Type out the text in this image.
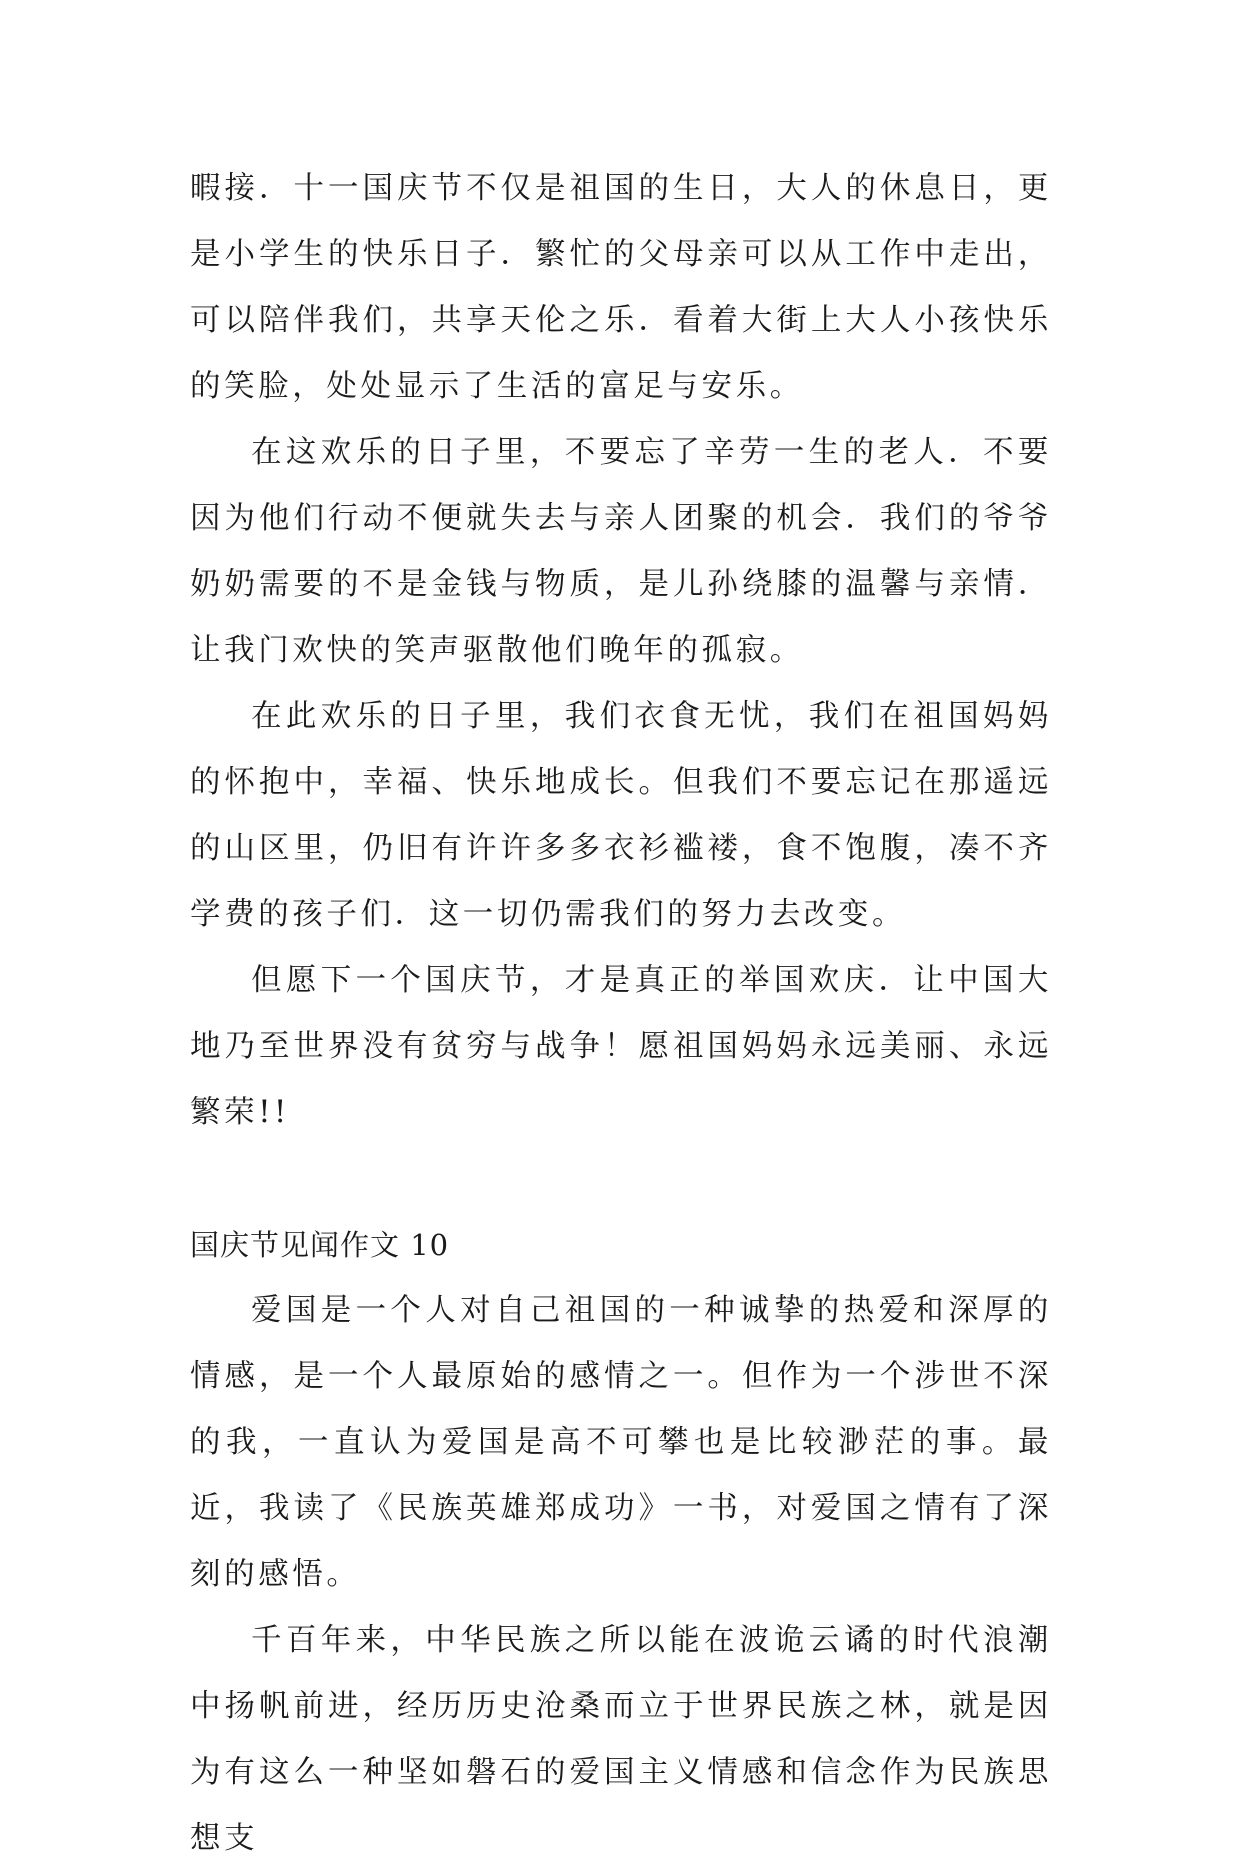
暇接．十一国庆节不仅是祖国的生日，大人的休息日，更是小学生的快乐日子．繁忙的父母亲可以从工作中走出，可以陪伴我们，共享天伦之乐．看着大街上大人小孩快乐的笑脸，处处显示了生活的富足与安乐。

在这欢乐的日子里，不要忘了辛劳一生的老人．不要因为他们行动不便就失去与亲人团聚的机会．我们的爷爷奶奶需要的不是金钱与物质，是儿孙绕膝的温馨与亲情．让我门欢快的笑声驱散他们晚年的孤寂。

在此欢乐的日子里，我们衣食无忧，我们在祖国妈妈的怀抱中，幸福、快乐地成长。但我们不要忘记在那遥远的山区里，仍旧有许许多多衣衫褴褛，食不饱腹，凑不齐学费的孩子们．这一切仍需我们的努力去改变。

但愿下一个国庆节，才是真正的举国欢庆．让中国大地乃至世界没有贫穷与战争！愿祖国妈妈永远美丽、永远繁荣!!

国庆节见闻作文 10

爱国是一个人对自己祖国的一种诚挚的热爱和深厚的情感，是一个人最原始的感情之一。但作为一个涉世不深的我，一直认为爱国是高不可攀也是比较渺茫的事。最近，我读了《民族英雄郑成功》一书，对爱国之情有了深刻的感悟。

千百年来，中华民族之所以能在波诡云谲的时代浪潮中扬帆前进，经历历史沧桑而立于世界民族之林，就是因为有这么一种坚如磐石的爱国主义情感和信念作为民族思想支
